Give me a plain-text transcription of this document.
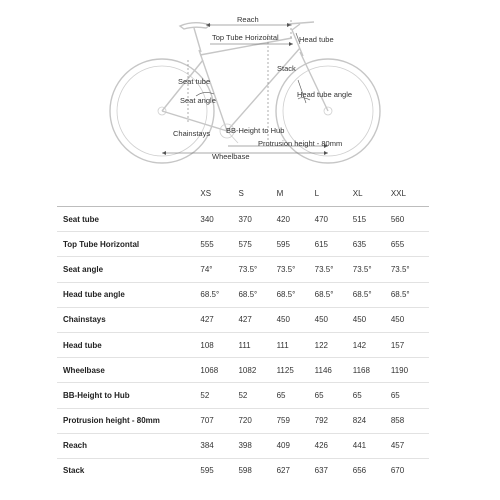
Reach
Top Tube Horizontal	Head tube
Stack
Seat tube
Seat angle
Head tube angle
Chainstays BB-Height to Hub
Protrusion height - 80mm
Wheelbase
	XS	S	M	L	XL	XXL
Seat tube	340	370	420	470	515	560
Top Tube Horizontal	555	575	595	615	635	655
Seat angle	74°	73.5°	73.5°	73.5°	73.5°	73.5°
Head tube angle	68.5°	68.5°	68.5°	68.5°	68.5°	68.5°
Chainstays	427	427	450	450	450	450
Head tube	108	111	111	122	142	157
Wheelbase	1068	1082	1125	1146	1168	1190
BB-Height to Hub	52	52	65	65	65	65
Protrusion height - 80mm	707	720	759	792	824	858
Reach	384	398	409	426	441	457
Stack	595	598	627	637	656	670
